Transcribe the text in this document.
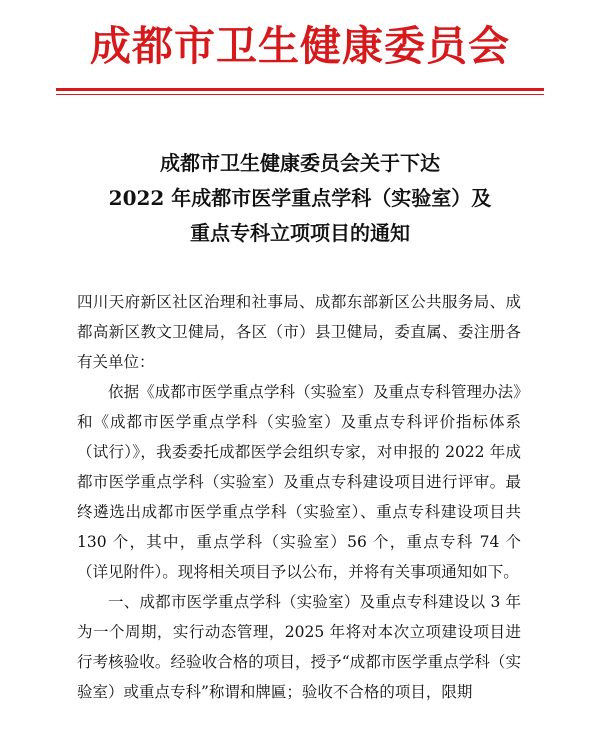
成都市卫生健康委员会
成都市卫生健康委员会关于下达
2022 年成都市医学重点学科（实验室）及
重点专科立项项目的通知

四川天府新区社区治理和社事局、成都东部新区公共服务局、成都高新区教文卫健局，各区（市）县卫健局，委直属、委注册各有关单位：

依据《成都市医学重点学科（实验室）及重点专科管理办法》和《成都市医学重点学科（实验室）及重点专科评价指标体系（试行）》，我委委托成都医学会组织专家，对申报的 2022 年成都市医学重点学科（实验室）及重点专科建设项目进行评审。最终遴选出成都市医学重点学科（实验室）、重点专科建设项目共 130 个，其中，重点学科（实验室）56 个，重点专科 74 个（详见附件）。现将相关项目予以公布，并将有关事项通知如下。

一、成都市医学重点学科（实验室）及重点专科建设以 3 年为一个周期，实行动态管理，2025 年将对本次立项建设项目进行考核验收。经验收合格的项目，授予“成都市医学重点学科（实验室）或重点专科”称谓和牌匾；验收不合格的项目，限期
